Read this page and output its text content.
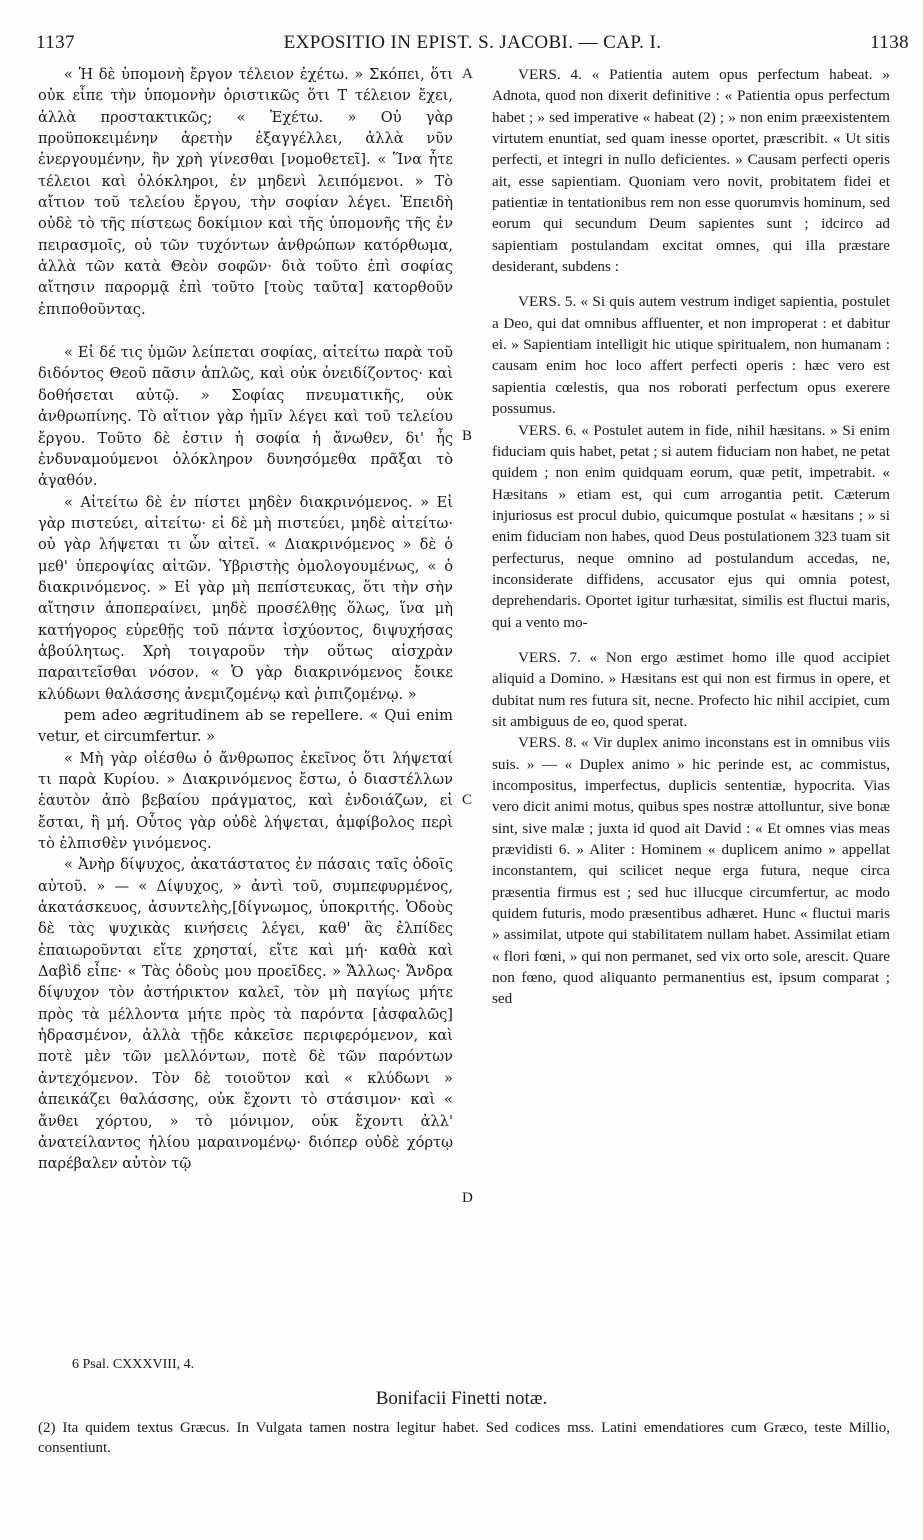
1137	EXPOSITIO IN EPIST. S. JACOBI. — CAP. I.	1138
A
B
C
D

« Ἡ δὲ ὑπομονὴ ἔργον τέλειον ἐχέτω. » Σκόπει, ὅτι οὐκ εἶπε τὴν ὑπομονὴν ὁριστικῶς ὅτι Τ τέλειον ἔχει, ἀλλὰ προστακτικῶς; « Ἐχέτω. » Οὐ γὰρ προϋποκειμένην ἀρετὴν ἐξαγγέλλει, ἀλλὰ νῦν ἐνεργουμένην, ἣν χρὴ γίνεσθαι [νομοθετεῖ]. « Ἵνα ἦτε τέλειοι καὶ ὁλόκληροι, ἐν μηδενὶ λειπόμενοι. » Τὸ αἴτιον τοῦ τελείου ἔργου, τὴν σοφίαν λέγει. Ἐπειδὴ οὐδὲ τὸ τῆς πίστεως δοκίμιον καὶ τῆς ὑπομονῆς τῆς ἐν πειρασμοῖς, οὐ τῶν τυχόντων ἀνθρώπων κατόρθωμα, ἀλλὰ τῶν κατὰ Θεὸν σοφῶν· διὰ τοῦτο ἐπὶ σοφίας αἴτησιν παρορμᾷ ἐπὶ τοῦτο [τοὺς ταῦτα] κατορθοῦν ἐπιποθοῦντας.

« Εἰ δέ τις ὑμῶν λείπεται σοφίας, αἰτείτω παρὰ τοῦ διδόντος Θεοῦ πᾶσιν ἁπλῶς, καὶ οὐκ ὀνειδίζοντος· καὶ δοθήσεται αὐτῷ. » Σοφίας πνευματικῆς, οὐκ ἀνθρωπίνης. Τὸ αἴτιον γὰρ ἡμῖν λέγει καὶ τοῦ τελείου ἔργου. Τοῦτο δὲ ἐστιν ἡ σοφία ἡ ἄνωθεν, δι' ἧς ἐνδυναμούμενοι ὁλόκληρον δυνησόμεθα πρᾶξαι τὸ ἀγαθόν.

« Αἰτείτω δὲ ἐν πίστει μηδὲν διακρινόμενος. » Εἰ γὰρ πιστεύει, αἰτείτω· εἰ δὲ μὴ πιστεύει, μηδὲ αἰτείτω· οὐ γὰρ λήψεται τι ὧν αἰτεῖ. « Διακρινόμενος » δὲ ὁ μεθ' ὑπεροψίας αἰτῶν. Ὑβριστὴς ὁμολογουμένως, « ὁ διακρινόμενος. » Εἰ γὰρ μὴ πεπίστευκας, ὅτι τὴν σὴν αἴτησιν ἀποπεραίνει, μηδὲ προσέλθῃς ὅλως, ἵνα μὴ κατήγορος εὑρεθῇς τοῦ πάντα ἰσχύοντος, διψυχήσας ἀβούλητως. Χρὴ τοιγαροῦν τὴν οὕτως αἰσχρὰν παραιτεῖσθαι νόσον. « Ὁ γὰρ διακρινόμενος ἔοικε κλύδωνι θαλάσσης ἀνεμιζομένῳ καὶ ῥιπιζομένῳ. »

pem adeo ægritudinem ab se repellere. « Qui enim vetur, et circumfertur. »

« Μὴ γὰρ οἰέσθω ὁ ἄνθρωπος ἐκεῖνος ὅτι λήψεταί τι παρὰ Κυρίου. » Διακρινόμενος ἔστω, ὁ διαστέλλων ἑαυτὸν ἀπὸ βεβαίου πράγματος, καὶ ἐνδοιάζων, εἰ ἔσται, ἢ μή. Οὗτος γὰρ οὐδὲ λήψεται, ἀμφίβολος περὶ τὸ ἐλπισθὲν γινόμενος.

« Ἀνὴρ δίψυχος, ἀκατάστατος ἐν πάσαις ταῖς ὁδοῖς αὐτοῦ. » — « Δίψυχος, » ἀντὶ τοῦ, συμπεφυρμένος, ἀκατάσκευος, ἀσυντελὴς,[δίγνωμος, ὑποκριτής. Ὁδοὺς δὲ τὰς ψυχικὰς κινήσεις λέγει, καθ' ἃς ἐλπίδες ἐπαιωροῦνται εἴτε χρησταί, εἴτε καὶ μή· καθὰ καὶ Δαβὶδ εἶπε· « Τὰς ὁδοὺς μου προεῖδες. » Ἄλλως· Ἄνδρα δίψυχον τὸν ἀστήρικτον καλεῖ, τὸν μὴ παγίως μήτε πρὸς τὰ μέλλοντα μήτε πρὸς τὰ παρόντα [ἀσφαλῶς] ἡδρασμένον, ἀλλὰ τῇδε κἀκεῖσε περιφερόμενον, καὶ ποτὲ μὲν τῶν μελλόντων, ποτὲ δὲ τῶν παρόντων ἀντεχόμενον. Τὸν δὲ τοιοῦτον καὶ « κλύδωνι » ἀπεικάζει θαλάσσης, οὐκ ἔχοντι τὸ στάσιμον· καὶ « ἄνθει χόρτου, » τὸ μόνιμον, οὐκ ἔχοντι ἀλλ' ἀνατείλαντος ἡλίου μαραινομένῳ· διόπερ οὐδὲ χόρτῳ παρέβαλεν αὐτὸν τῷ

VERS. 4. « Patientia autem opus perfectum habeat. » Adnota, quod non dixerit definitive : « Patientia opus perfectum habet ; » sed imperative « habeat (2) ; » non enim præexistentem virtutem enuntiat, sed quam inesse oportet, præscribit. « Ut sitis perfecti, et integri in nullo deficientes. » Causam perfecti operis ait, esse sapientiam. Quoniam vero novit, probitatem fidei et patientiæ in tentationibus rem non esse quorumvis hominum, sed eorum qui secundum Deum sapientes sunt ; idcirco ad sapientiam postulandam excitat omnes, qui illa præstare desiderant, subdens :

VERS. 5. « Si quis autem vestrum indiget sapientia, postulet a Deo, qui dat omnibus affluenter, et non improperat : et dabitur ei. » Sapientiam intelligit hic utique spiritualem, non humanam : causam enim hoc loco affert perfecti operis : hæc vero est sapientia cœlestis, qua nos roborati perfectum opus exerere possumus.

VERS. 6. « Postulet autem in fide, nihil hæsitans. » Si enim fiduciam quis habet, petat ; si autem fiduciam non habet, ne petat quidem ; non enim quidquam eorum, quæ petit, impetrabit. « Hæsitans » etiam est, qui cum arrogantia petit. Cæterum injuriosus est procul dubio, quicumque postulat « hæsitans ; » si enim fiduciam non habes, quod Deus postulationem 323 tuam sit perfecturus, neque omnino ad postulandum accedas, ne, inconsiderate diffidens, accusator ejus qui omnia potest, deprehendaris. Oportet igitur turhæsitat, similis est fluctui maris, qui a vento mo-

VERS. 7. « Non ergo æstimet homo ille quod accipiet aliquid a Domino. » Hæsitans est qui non est firmus in opere, et dubitat num res futura sit, necne. Profecto hic nihil accipiet, cum sit ambiguus de eo, quod sperat.

VERS. 8. « Vir duplex animo inconstans est in omnibus viis suis. » — « Duplex animo » hic perinde est, ac commistus, incompositus, imperfectus, duplicis sententiæ, hypocrita. Vias vero dicit animi motus, quibus spes nostræ attolluntur, sive bonæ sint, sive malæ ; juxta id quod ait David : « Et omnes vias meas prævidisti 6. » Aliter : Hominem « duplicem animo » appellat inconstantem, qui scilicet neque erga futura, neque circa præsentia firmus est ; sed huc illucque circumfertur, ac modo quidem futuris, modo præsentibus adhæret. Hunc « fluctui maris » assimilat, utpote qui stabilitatem nullam habet. Assimilat etiam « flori fœni, » qui non permanet, sed vix orto sole, arescit. Quare non fœno, quod aliquanto permanentius est, ipsum comparat ; sed

6 Psal. CXXXVIII, 4.
Bonifacii Finetti notæ.

(2) Ita quidem textus Græcus. In Vulgata tamen nostra legitur habet. Sed codices mss. Latini emendatiores cum Græco, teste Millio, consentiunt.
